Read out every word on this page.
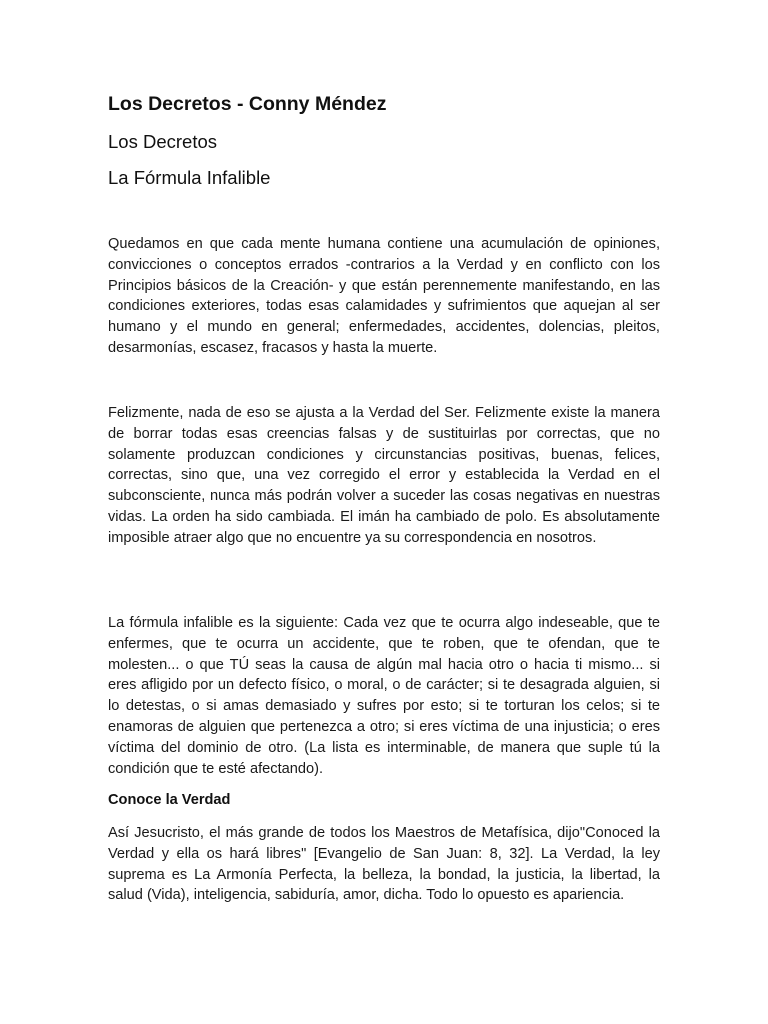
Los Decretos - Conny Méndez
Los Decretos
La Fórmula Infalible

Quedamos en que cada mente humana contiene una acumulación de opiniones, convicciones o conceptos errados -contrarios a la Verdad y en conflicto con los Principios básicos de la Creación- y que están perennemente manifestando, en las condiciones exteriores, todas esas calamidades y sufrimientos que aquejan al ser humano y el mundo en general; enfermedades, accidentes, dolencias, pleitos, desarmonías, escasez, fracasos y hasta la muerte.

Felizmente, nada de eso se ajusta a la Verdad del Ser. Felizmente existe la manera de borrar todas esas creencias falsas y de sustituirlas por correctas, que no solamente produzcan condiciones y circunstancias positivas, buenas, felices, correctas, sino que, una vez corregido el error y establecida la Verdad en el subconsciente, nunca más podrán volver a suceder las cosas negativas en nuestras vidas. La orden ha sido cambiada. El imán ha cambiado de polo. Es absolutamente imposible atraer algo que no encuentre ya su correspondencia en nosotros.

La fórmula infalible es la siguiente: Cada vez que te ocurra algo indeseable, que te enfermes, que te ocurra un accidente, que te roben, que te ofendan, que te molesten... o que TÚ seas la causa de algún mal hacia otro o hacia ti mismo... si eres afligido por un defecto físico, o moral, o de carácter; si te desagrada alguien, si lo detestas, o si amas demasiado y sufres por esto; si te torturan los celos; si te enamoras de alguien que pertenezca a otro; si eres víctima de una injusticia; o eres víctima del dominio de otro. (La lista es interminable, de manera que suple tú la condición que te esté afectando).

Conoce la Verdad

Así Jesucristo, el más grande de todos los Maestros de Metafísica, dijo"Conoced la Verdad y ella os hará libres" [Evangelio de San Juan: 8, 32]. La Verdad, la ley suprema es La Armonía Perfecta, la belleza, la bondad, la justicia, la libertad, la salud (Vida), inteligencia, sabiduría, amor, dicha. Todo lo opuesto es apariencia.
